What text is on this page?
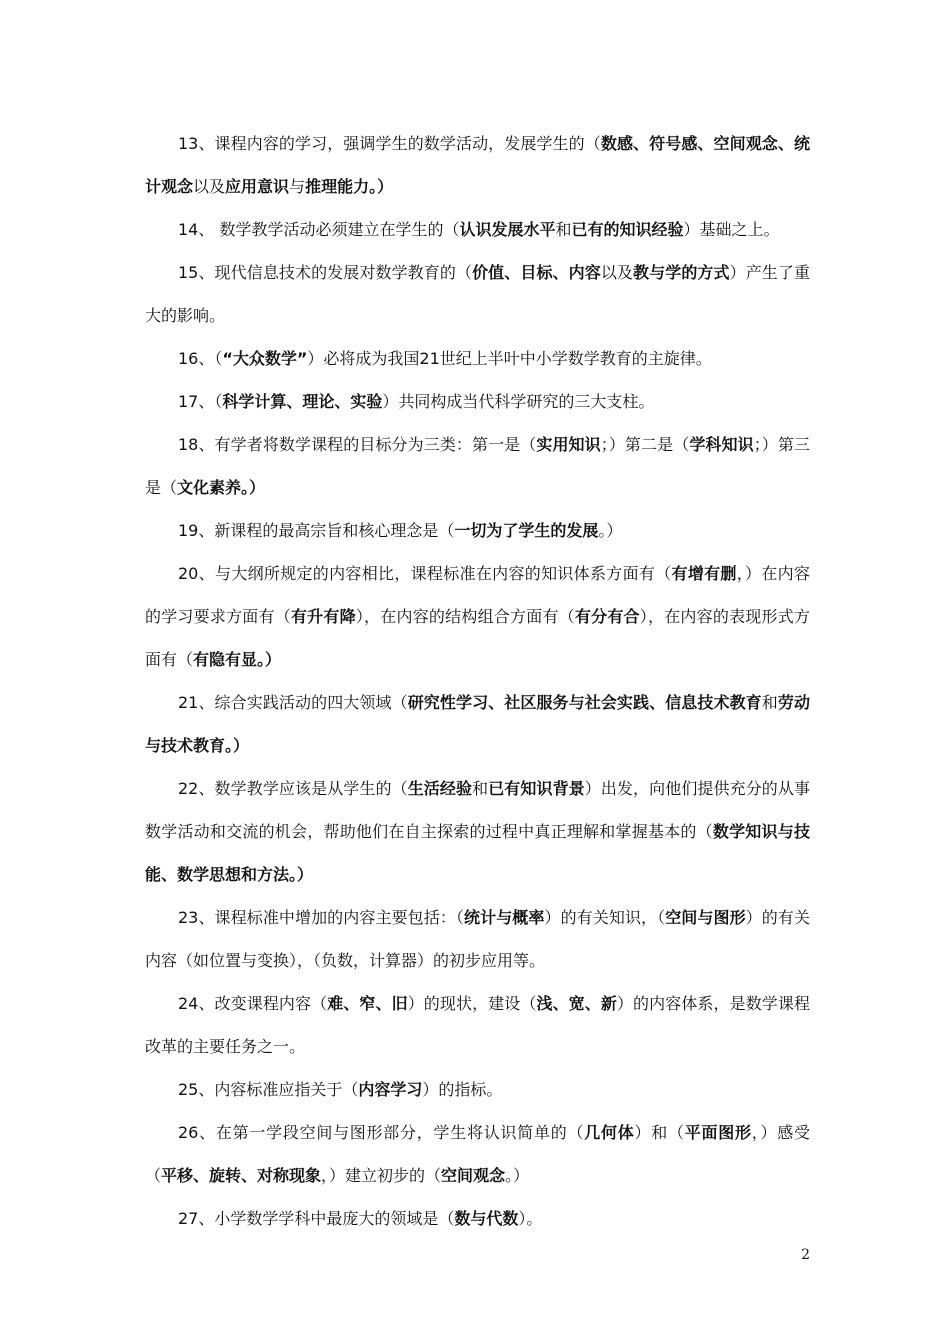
13、课程内容的学习，强调学生的数学活动，发展学生的（数感、符号感、空间观念、统计观念以及应用意识与推理能力。）

14、 数学教学活动必须建立在学生的（认识发展水平和已有的知识经验）基础之上。

15、现代信息技术的发展对数学教育的（价值、目标、内容以及教与学的方式）产生了重大的影响。

16、（“大众数学”）必将成为我国21世纪上半叶中小学数学教育的主旋律。

17、（科学计算、理论、实验）共同构成当代科学研究的三大支柱。

18、有学者将数学课程的目标分为三类：第一是（实用知识；）第二是（学科知识；）第三是（文化素养。）

19、新课程的最高宗旨和核心理念是（一切为了学生的发展。）

20、与大纲所规定的内容相比，课程标准在内容的知识体系方面有（有增有删，）在内容的学习要求方面有（有升有降），在内容的结构组合方面有（有分有合），在内容的表现形式方面有（有隐有显。）

21、综合实践活动的四大领域（研究性学习、社区服务与社会实践、信息技术教育和劳动与技术教育。）

22、数学教学应该是从学生的（生活经验和已有知识背景）出发，向他们提供充分的从事数学活动和交流的机会，帮助他们在自主探索的过程中真正理解和掌握基本的（数学知识与技能、数学思想和方法。）

23、课程标准中增加的内容主要包括：（统计与概率）的有关知识，（空间与图形）的有关内容（如位置与变换），（负数，计算器）的初步应用等。

24、改变课程内容（难、窄、旧）的现状，建设（浅、宽、新）的内容体系，是数学课程改革的主要任务之一。

25、内容标准应指关于（内容学习）的指标。

26、在第一学段空间与图形部分，学生将认识简单的（几何体）和（平面图形，）感受（平移、旋转、对称现象，）建立初步的（空间观念。）

27、小学数学学科中最庞大的领域是（数与代数）。

2
